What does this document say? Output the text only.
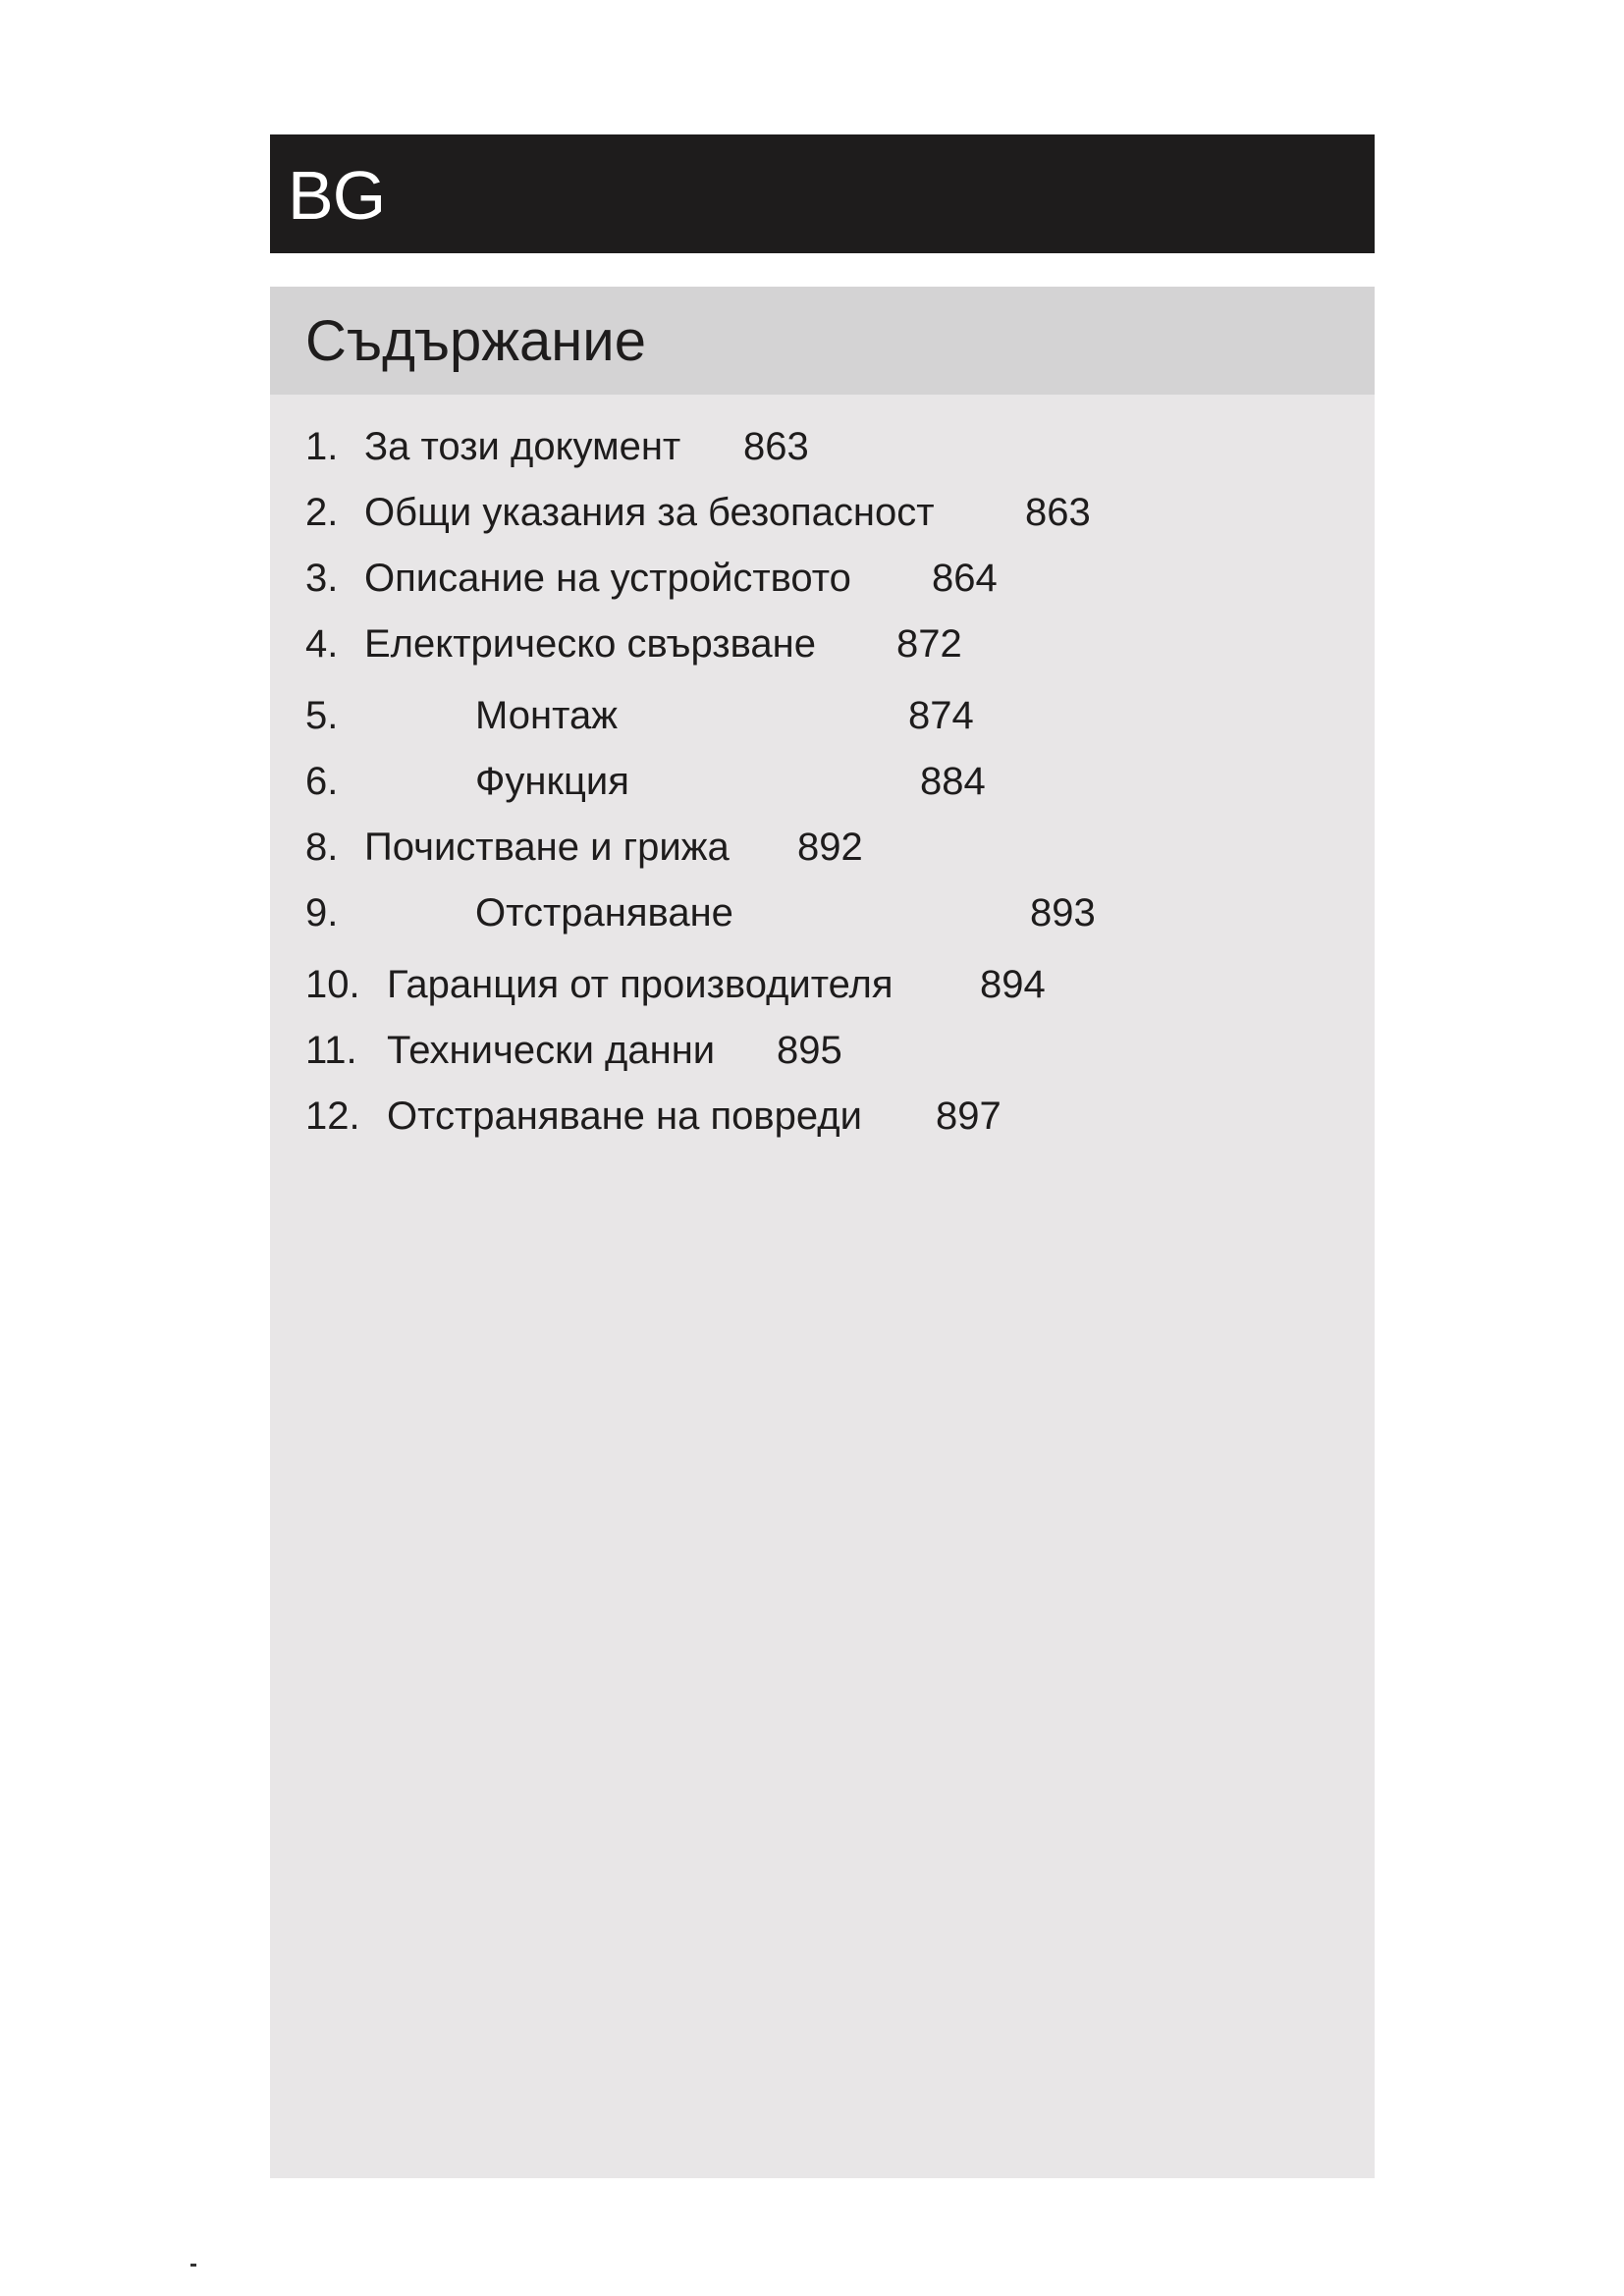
BG
Съдържание
1. За този документ 863
2. Общи указания за безопасност 863
3. Описание на устройството 864
4. Електрическо свързване 872
5.	Монтаж	874
6.	Функция	884
8. Почистване и грижа 892
9.	Отстраняване	893
10. Гаранция от производителя 894
11. Технически данни 895
12. Отстраняване на повреди 897
